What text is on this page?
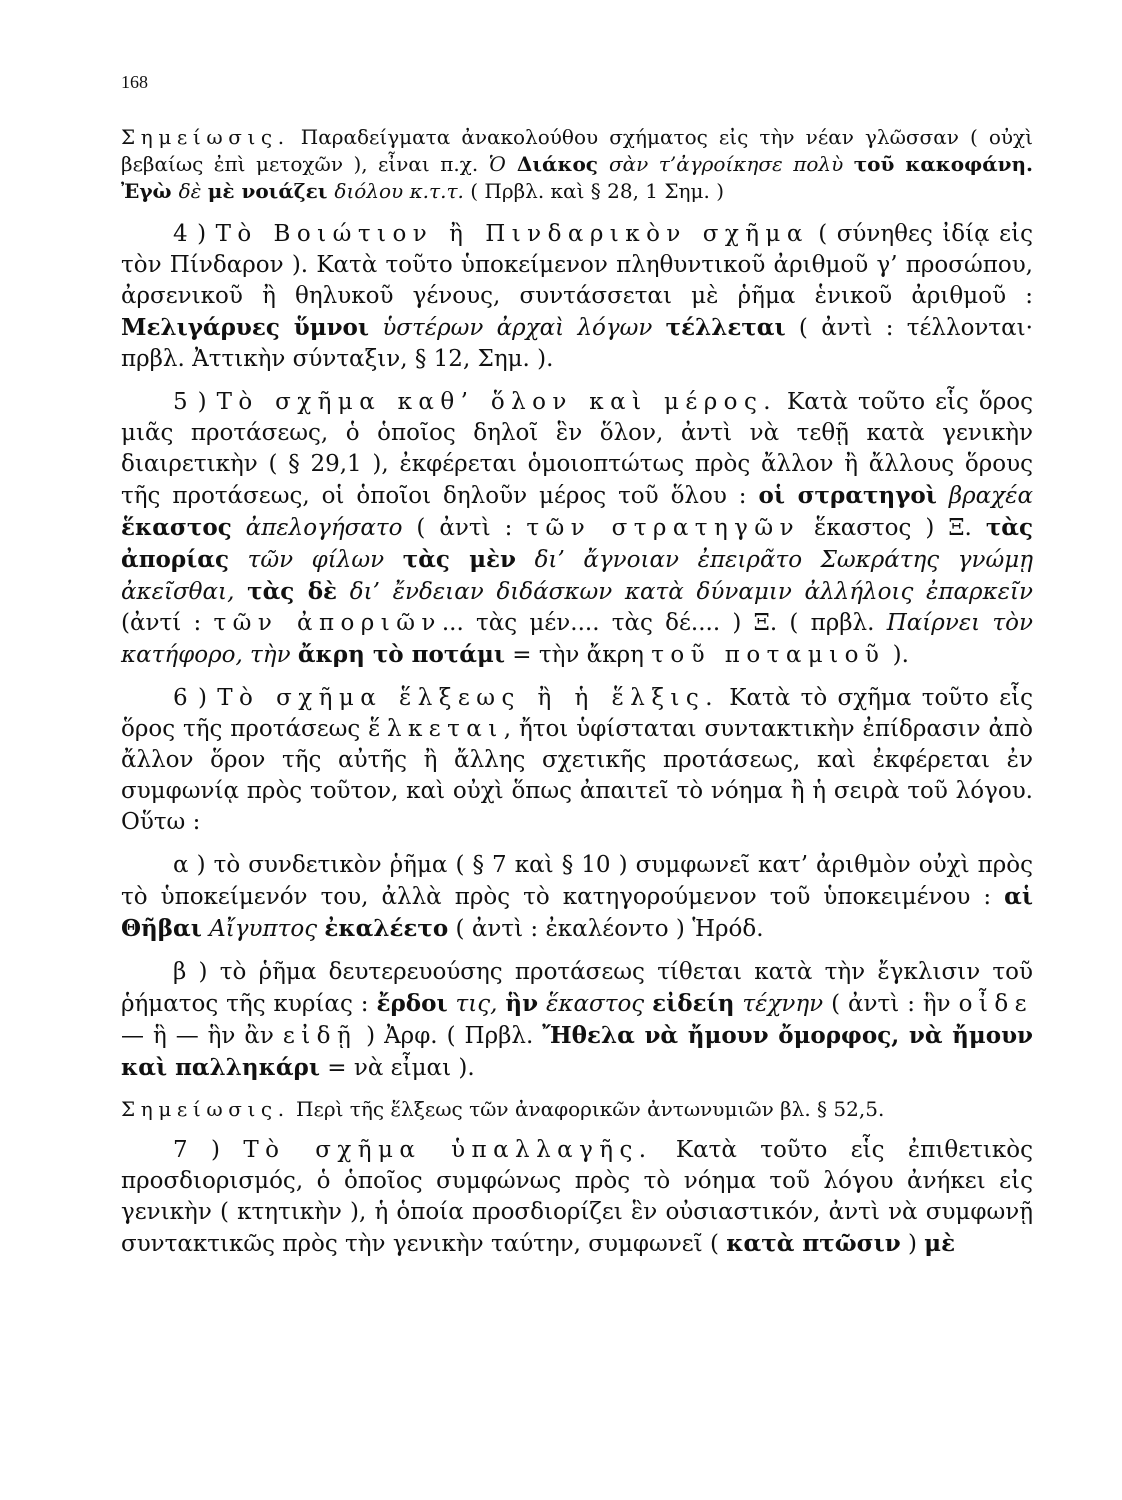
168

Σημείωσις. Παραδείγματα ἀνακολούθου σχήματος εἰς τὴν νέαν γλῶσσαν ( οὐχὶ βεβαίως ἐπὶ μετοχῶν ), εἶναι π.χ. Ὁ Διάκος σὰν τ’ἀγροίκησε πολὺ τοῦ κακοφάνη. Ἐγὼ δὲ μὲ νοιάζει διόλου κ.τ.τ. ( Πρβλ. καὶ § 28, 1 Σημ. )

4 ) Τὸ Βοιώτιον ἢ Πινδαρικὸν σχῆμα ( σύνηθες ἰδίᾳ εἰς τὸν Πίνδαρον ). Κατὰ τοῦτο ὑποκείμενον πληθυντικοῦ ἀριθμοῦ γ’ προσώπου, ἀρσενικοῦ ἢ θηλυκοῦ γένους, συντάσσεται μὲ ῥῆμα ἑνικοῦ ἀριθμοῦ : Μελιγάρυες ὕμνοι ὑστέρων ἀρχαὶ λόγων τέλλεται ( ἀντὶ : τέλλονται· πρβλ. Ἀττικὴν σύνταξιν, § 12, Σημ. ).

5 ) Τὸ σχῆμα καθ’ ὅλον καὶ μέρος. Κατὰ τοῦτο εἷς ὅρος μιᾶς προτάσεως, ὁ ὁποῖος δηλοῖ ἓν ὅλον, ἀντὶ νὰ τεθῇ κατὰ γενικὴν διαιρετικὴν ( § 29,1 ), ἐκφέρεται ὁμοιοπτώτως πρὸς ἄλλον ἢ ἄλλους ὅρους τῆς προτάσεως, οἱ ὁποῖοι δηλοῦν μέρος τοῦ ὅλου : οἱ στρατηγοὶ βραχέα ἕκαστος ἀπελογήσατο ( ἀντὶ : τῶν στρατηγῶν ἕκαστος ) Ξ. τὰς ἀπορίας τῶν φίλων τὰς μὲν δι’ ἄγνοιαν ἐπειρᾶτο Σωκράτης γνώμῃ ἀκεῖσθαι, τὰς δὲ δι’ ἔνδειαν διδάσκων κατὰ δύναμιν ἀλλήλοις ἐπαρκεῖν (ἀντί : τῶν ἀποριῶν... τὰς μέν.... τὰς δέ.... ) Ξ. ( πρβλ. Παίρνει τὸν κατήφορο, τὴν ἄκρη τὸ ποτάμι = τὴν ἄκρη τοῦ ποταμιοῦ ).

6 ) Τὸ σχῆμα ἕλξεως ἢ ἡ ἕλξις. Κατὰ τὸ σχῆμα τοῦτο εἷς ὅρος τῆς προτάσεως ἕλκεται, ἤτοι ὑφίσταται συντακτικὴν ἐπίδρασιν ἀπὸ ἄλλον ὅρον τῆς αὐτῆς ἢ ἄλλης σχετικῆς προτάσεως, καὶ ἐκφέρεται ἐν συμφωνίᾳ πρὸς τοῦτον, καὶ οὐχὶ ὅπως ἀπαιτεῖ τὸ νόημα ἢ ἡ σειρὰ τοῦ λόγου. Οὕτω :

α ) τὸ συνδετικὸν ῥῆμα ( § 7 καὶ § 10 ) συμφωνεῖ κατ’ ἀριθμὸν οὐχὶ πρὸς τὸ ὑποκείμενόν του, ἀλλὰ πρὸς τὸ κατηγορούμενον τοῦ ὑποκειμένου : αἱ Θῆβαι Αἴγυπτος ἐκαλέετο ( ἀντὶ : ἐκαλέοντο ) Ἡρόδ.

β ) τὸ ῥῆμα δευτερευούσης προτάσεως τίθεται κατὰ τὴν ἔγκλισιν τοῦ ῥήματος τῆς κυρίας : ἔρδοι τις, ἣν ἕκαστος εἰδείη τέχνην ( ἀντὶ : ἣν οἶδε — ἣ — ἣν ἂν εἰδῇ ) Ἀρφ. ( Πρβλ. Ἤθελα νὰ ἤμουν ὄμορφος, νὰ ἤμουν καὶ παλληκάρι = νὰ εἶμαι ).

Σημείωσις. Περὶ τῆς ἕλξεως τῶν ἀναφορικῶν ἀντωνυμιῶν βλ. § 52,5.

7 ) Τὸ σχῆμα ὑπαλλαγῆς. Κατὰ τοῦτο εἷς ἐπιθετικὸς προσδιορισμός, ὁ ὁποῖος συμφώνως πρὸς τὸ νόημα τοῦ λόγου ἀνήκει εἰς γενικὴν ( κτητικὴν ), ἡ ὁποία προσδιορίζει ἓν οὐσιαστικόν, ἀντὶ νὰ συμφωνῇ συντακτικῶς πρὸς τὴν γενικὴν ταύτην, συμφωνεῖ ( κατὰ πτῶσιν ) μὲ
